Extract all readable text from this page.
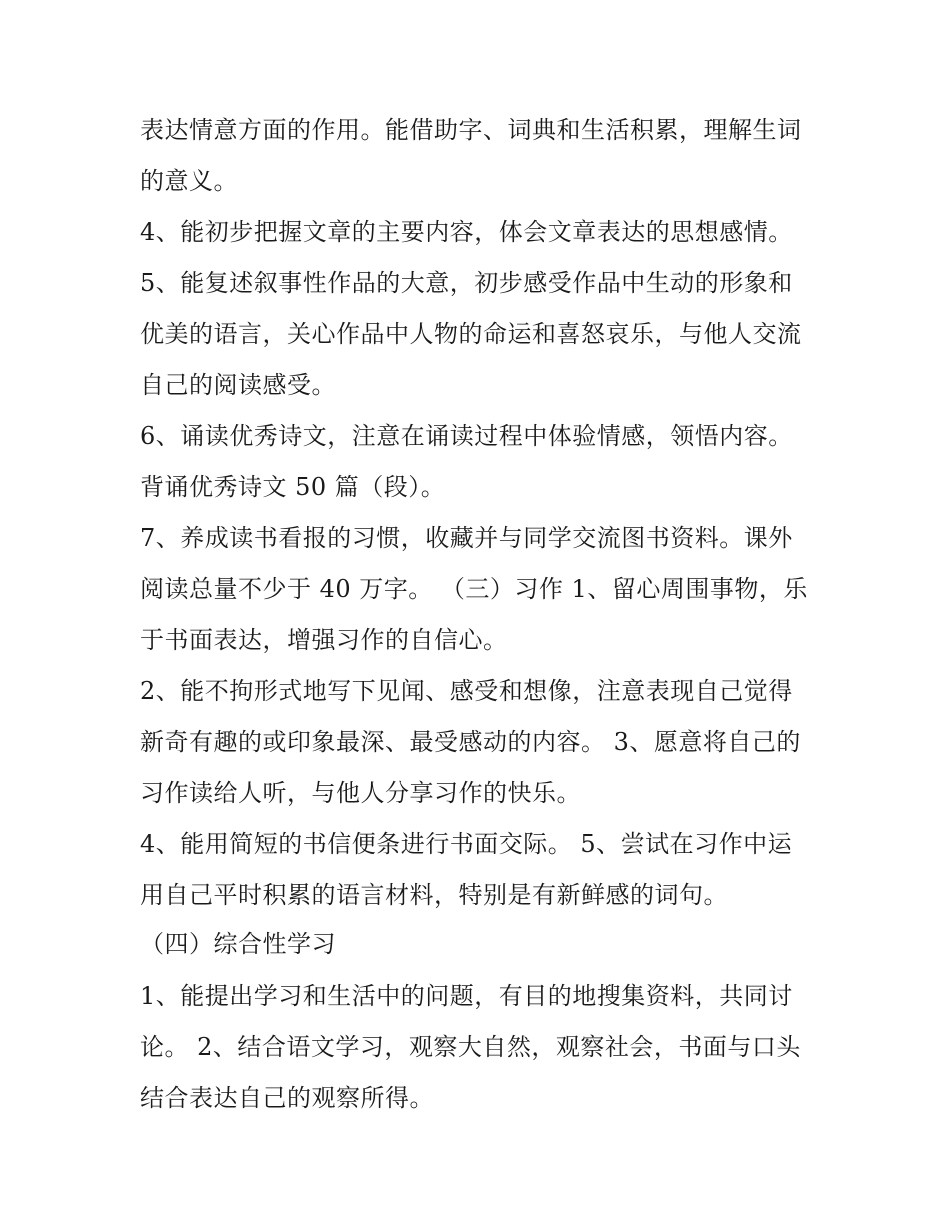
表达情意方面的作用。能借助字、词典和生活积累，理解生词
的意义。
4、能初步把握文章的主要内容，体会文章表达的思想感情。
5、能复述叙事性作品的大意，初步感受作品中生动的形象和
优美的语言，关心作品中人物的命运和喜怒哀乐，与他人交流
自己的阅读感受。
6、诵读优秀诗文，注意在诵读过程中体验情感，领悟内容。
背诵优秀诗文 50 篇（段）。
7、养成读书看报的习惯，收藏并与同学交流图书资料。课外
阅读总量不少于 40 万字。 （三）习作 1、留心周围事物，乐
于书面表达，增强习作的自信心。
2、能不拘形式地写下见闻、感受和想像，注意表现自己觉得
新奇有趣的或印象最深、最受感动的内容。 3、愿意将自己的
习作读给人听，与他人分享习作的快乐。
4、能用简短的书信便条进行书面交际。 5、尝试在习作中运
用自己平时积累的语言材料，特别是有新鲜感的词句。
（四）综合性学习
1、能提出学习和生活中的问题，有目的地搜集资料，共同讨
论。 2、结合语文学习，观察大自然，观察社会，书面与口头
结合表达自己的观察所得。
